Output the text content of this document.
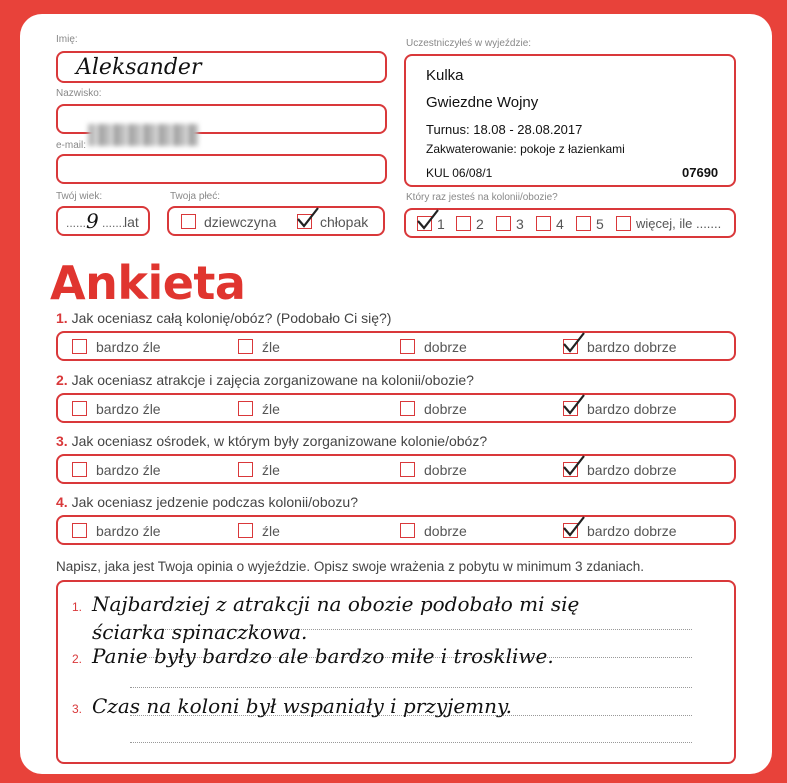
Imię:
Aleksander
Nazwisko:
e-mail:
Twój wiek:
...... 9 .......
lat
Twoja płeć:
dziewczyna	chłopak
Uczestniczyłeś w wyjeździe:
Kulka
Gwiezdne Wojny
Turnus: 18.08 - 28.08.2017
Zakwaterowanie: pokoje z łazienkami
KUL 06/08/1	07690
Który raz jesteś na kolonii/obozie?
1 2 3 4 5 więcej, ile .......
Ankieta
1. Jak oceniasz całą kolonię/obóz? (Podobało Ci się?)
bardzo źle	źle	dobrze	bardzo dobrze
2. Jak oceniasz atrakcje i zajęcia zorganizowane na kolonii/obozie?
bardzo źle	źle	dobrze	bardzo dobrze
3. Jak oceniasz ośrodek, w którym były zorganizowane kolonie/obóz?
bardzo źle	źle	dobrze	bardzo dobrze
4. Jak oceniasz jedzenie podczas kolonii/obozu?
bardzo źle	źle	dobrze	bardzo dobrze
Napisz, jaka jest Twoja opinia o wyjeździe. Opisz swoje wrażenia z pobytu w minimum 3 zdaniach.
1. Najbardziej z atrakcji na obozie podobało mi się
ściarka spinaczkowa.
2. Panie były bardzo ale bardzo miłe i troskliwe.
3. Czas na koloni był wspaniały i przyjemny.
